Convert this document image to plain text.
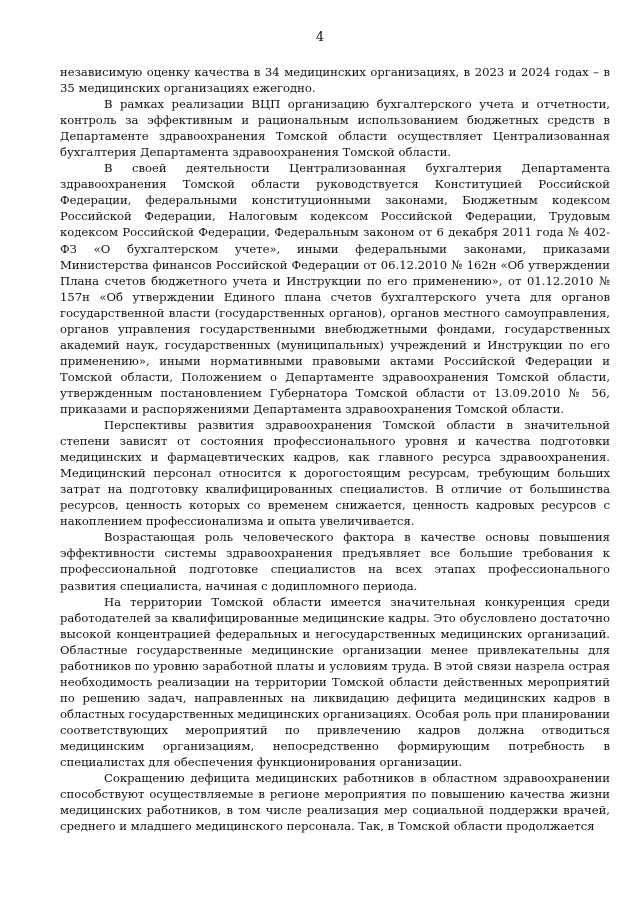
4

независимую оценку качества в 34 медицинских организациях, в 2023 и 2024 годах – в 35 медицинских организациях ежегодно.

В рамках реализации ВЦП организацию бухгалтерского учета и отчетности, контроль за эффективным и рациональным использованием бюджетных средств в Департаменте здравоохранения Томской области осуществляет Централизованная бухгалтерия Департамента здравоохранения Томской области.

В своей деятельности Централизованная бухгалтерия Департамента здравоохранения Томской области руководствуется Конституцией Российской Федерации, федеральными конституционными законами, Бюджетным кодексом Российской Федерации, Налоговым кодексом Российской Федерации, Трудовым кодексом Российской Федерации, Федеральным законом от 6 декабря 2011 года № 402-ФЗ «О бухгалтерском учете», иными федеральными законами, приказами Министерства финансов Российской Федерации от 06.12.2010 № 162н «Об утверждении Плана счетов бюджетного учета и Инструкции по его применению», от 01.12.2010 № 157н «Об утверждении Единого плана счетов бухгалтерского учета для органов государственной власти (государственных органов), органов местного самоуправления, органов управления государственными внебюджетными фондами, государственных академий наук, государственных (муниципальных) учреждений и Инструкции по его применению», иными нормативными правовыми актами Российской Федерации и Томской области, Положением о Департаменте здравоохранения Томской области, утвержденным постановлением Губернатора Томской области от 13.09.2010 № 56, приказами и распоряжениями Департамента здравоохранения Томской области.

Перспективы развития здравоохранения Томской области в значительной степени зависят от состояния профессионального уровня и качества подготовки медицинских и фармацевтических кадров, как главного ресурса здравоохранения. Медицинский персонал относится к дорогостоящим ресурсам, требующим больших затрат на подготовку квалифицированных специалистов. В отличие от большинства ресурсов, ценность которых со временем снижается, ценность кадровых ресурсов с накоплением профессионализма и опыта увеличивается.

Возрастающая роль человеческого фактора в качестве основы повышения эффективности системы здравоохранения предъявляет все большие требования к профессиональной подготовке специалистов на всех этапах профессионального развития специалиста, начиная с додипломного периода.

На территории Томской области имеется значительная конкуренция среди работодателей за квалифицированные медицинские кадры. Это обусловлено достаточно высокой концентрацией федеральных и негосударственных медицинских организаций. Областные государственные медицинские организации менее привлекательны для работников по уровню заработной платы и условиям труда. В этой связи назрела острая необходимость реализации на территории Томской области действенных мероприятий по решению задач, направленных на ликвидацию дефицита медицинских кадров в областных государственных медицинских организациях. Особая роль при планировании соответствующих мероприятий по привлечению кадров должна отводиться медицинским организациям, непосредственно формирующим потребность в специалистах для обеспечения функционирования организации.

Сокращению дефицита медицинских работников в областном здравоохранении способствуют осуществляемые в регионе мероприятия по повышению качества жизни медицинских работников, в том числе реализация мер социальной поддержки врачей, среднего и младшего медицинского персонала. Так, в Томской области продолжается
